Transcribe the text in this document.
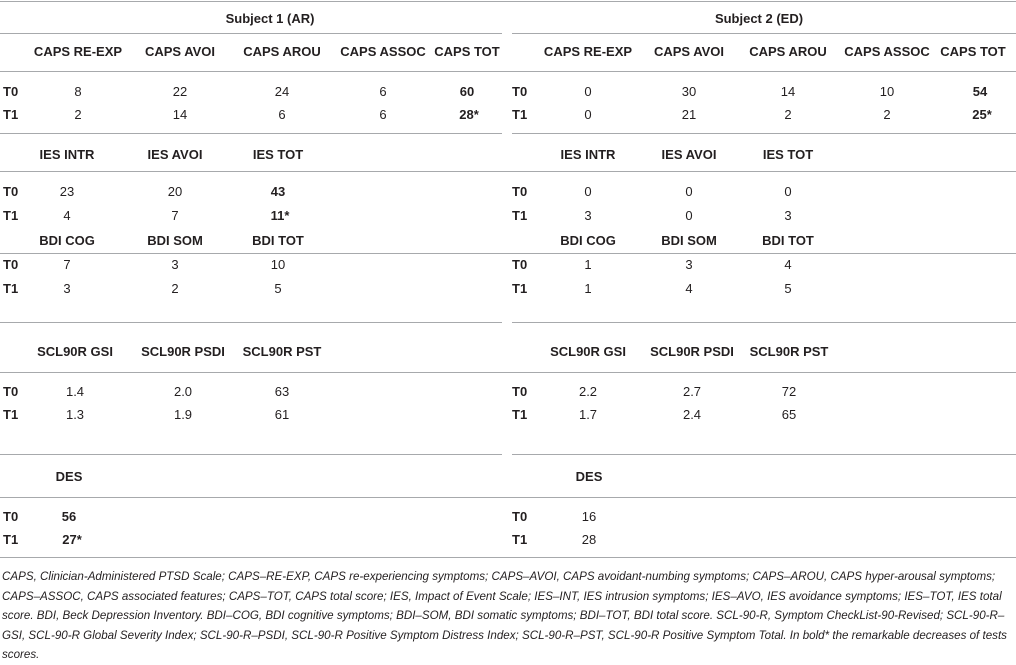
Subject 1 (AR)	Subject 2 (ED)
CAPS RE-EXP CAPS AVOI CAPS AROU CAPS ASSOC CAPS TOT	CAPS RE-EXP CAPS AVOI CAPS AROU CAPS ASSOC CAPS TOT
T0	8	22	24	6	60	T0	0	30	14	10	54
T1	2	14	6	6	28*	T1	0	21	2	2	25*
IES INTR	IES AVOI	IES TOT	IES INTR	IES AVOI	IES TOT
T0	23	20	43	T0	0	0	0
T1	4	7	11*	T1	3	0	3
BDI COG	BDI SOM	BDI TOT	BDI COG	BDI SOM	BDI TOT
T0	7	3	10	T0	1	3	4
T1	3	2	5	T1	1	4	5
SCL90R GSI SCL90R PSDI SCL90R PST	SCL90R GSI SCL90R PSDI SCL90R PST
T0	1.4	2.0	63	T0	2.2	2.7	72
T1	1.3	1.9	61	T1	1.7	2.4	65
DES	DES
T0	56	T0	16
T1	27*	T1	28
CAPS, Clinician-Administered PTSD Scale; CAPS–RE-EXP, CAPS re-experiencing symptoms; CAPS–AVOI, CAPS avoidant-numbing symptoms; CAPS–AROU, CAPS hyper-arousal symptoms; CAPS–ASSOC, CAPS associated features; CAPS–TOT, CAPS total score; IES, Impact of Event Scale; IES–INT, IES intrusion symptoms; IES–AVO, IES avoidance symptoms; IES–TOT, IES total score. BDI, Beck Depression Inventory. BDI–COG, BDI cognitive symptoms; BDI–SOM, BDI somatic symptoms; BDI–TOT, BDI total score. SCL-90-R, Symptom CheckList-90-Revised; SCL-90-R–GSI, SCL-90-R Global Severity Index; SCL-90-R–PSDI, SCL-90-R Positive Symptom Distress Index; SCL-90-R–PST, SCL-90-R Positive Symptom Total. In bold* the remarkable decreases of tests scores.
